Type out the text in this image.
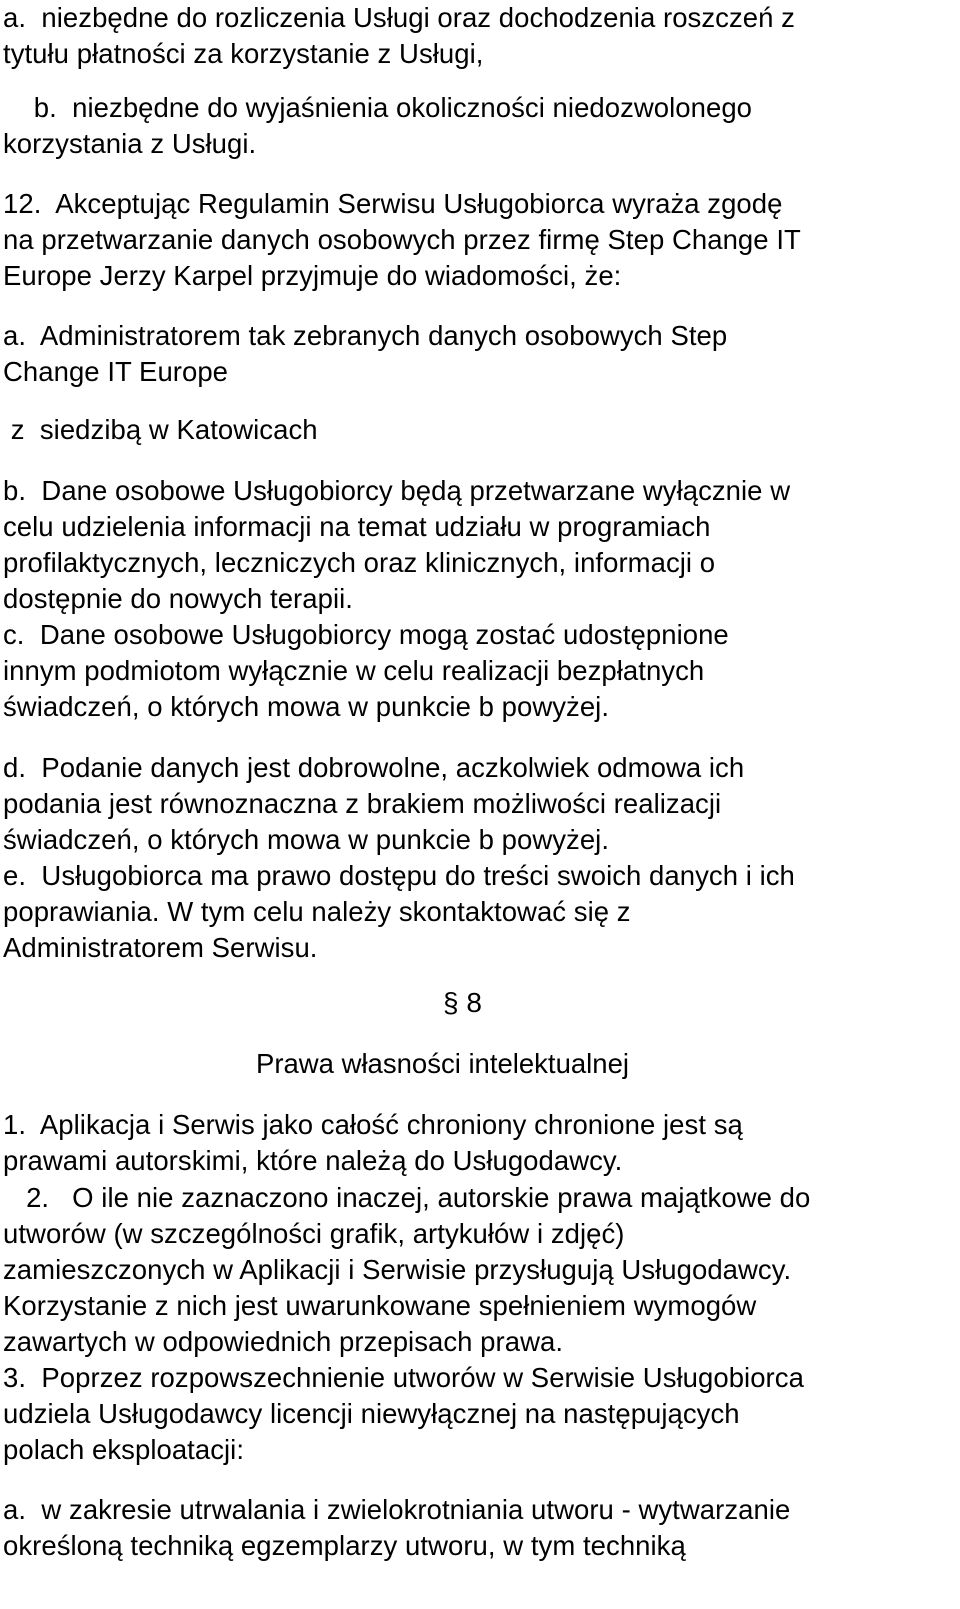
a.  niezbędne do rozliczenia Usługi oraz dochodzenia roszczeń z
tytułu płatności za korzystanie z Usługi,
b.  niezbędne do wyjaśnienia okoliczności niedozwolonego
korzystania z Usługi.
12.  Akceptując Regulamin Serwisu Usługobiorca wyraża zgodę
na przetwarzanie danych osobowych przez firmę Step Change IT
Europe Jerzy Karpel przyjmuje do wiadomości, że:
a.  Administratorem tak zebranych danych osobowych Step
Change IT Europe
z  siedzibą w Katowicach
b.  Dane osobowe Usługobiorcy będą przetwarzane wyłącznie w
celu udzielenia informacji na temat udziału w programiach
profilaktycznych, leczniczych oraz klinicznych, informacji o
dostępnie do nowych terapii.
c.  Dane osobowe Usługobiorcy mogą zostać udostępnione
innym podmiotom wyłącznie w celu realizacji bezpłatnych
świadczeń, o których mowa w punkcie b powyżej.
d.  Podanie danych jest dobrowolne, aczkolwiek odmowa ich
podania jest równoznaczna z brakiem możliwości realizacji
świadczeń, o których mowa w punkcie b powyżej.
e.  Usługobiorca ma prawo dostępu do treści swoich danych i ich
poprawiania. W tym celu należy skontaktować się z
Administratorem Serwisu.
§ 8
Prawa własności intelektualnej
1.  Aplikacja i Serwis jako całość chroniony chronione jest są
prawami autorskimi, które należą do Usługodawcy.
2.   O ile nie zaznaczono inaczej, autorskie prawa majątkowe do
utworów (w szczególności grafik, artykułów i zdjęć)
zamieszczonych w Aplikacji i Serwisie przysługują Usługodawcy.
Korzystanie z nich jest uwarunkowane spełnieniem wymogów
zawartych w odpowiednich przepisach prawa.
3.  Poprzez rozpowszechnienie utworów w Serwisie Usługobiorca
udziela Usługodawcy licencji niewyłącznej na następujących
polach eksploatacji:
a.  w zakresie utrwalania i zwielokrotniania utworu - wytwarzanie
określoną techniką egzemplarzy utworu, w tym techniką
